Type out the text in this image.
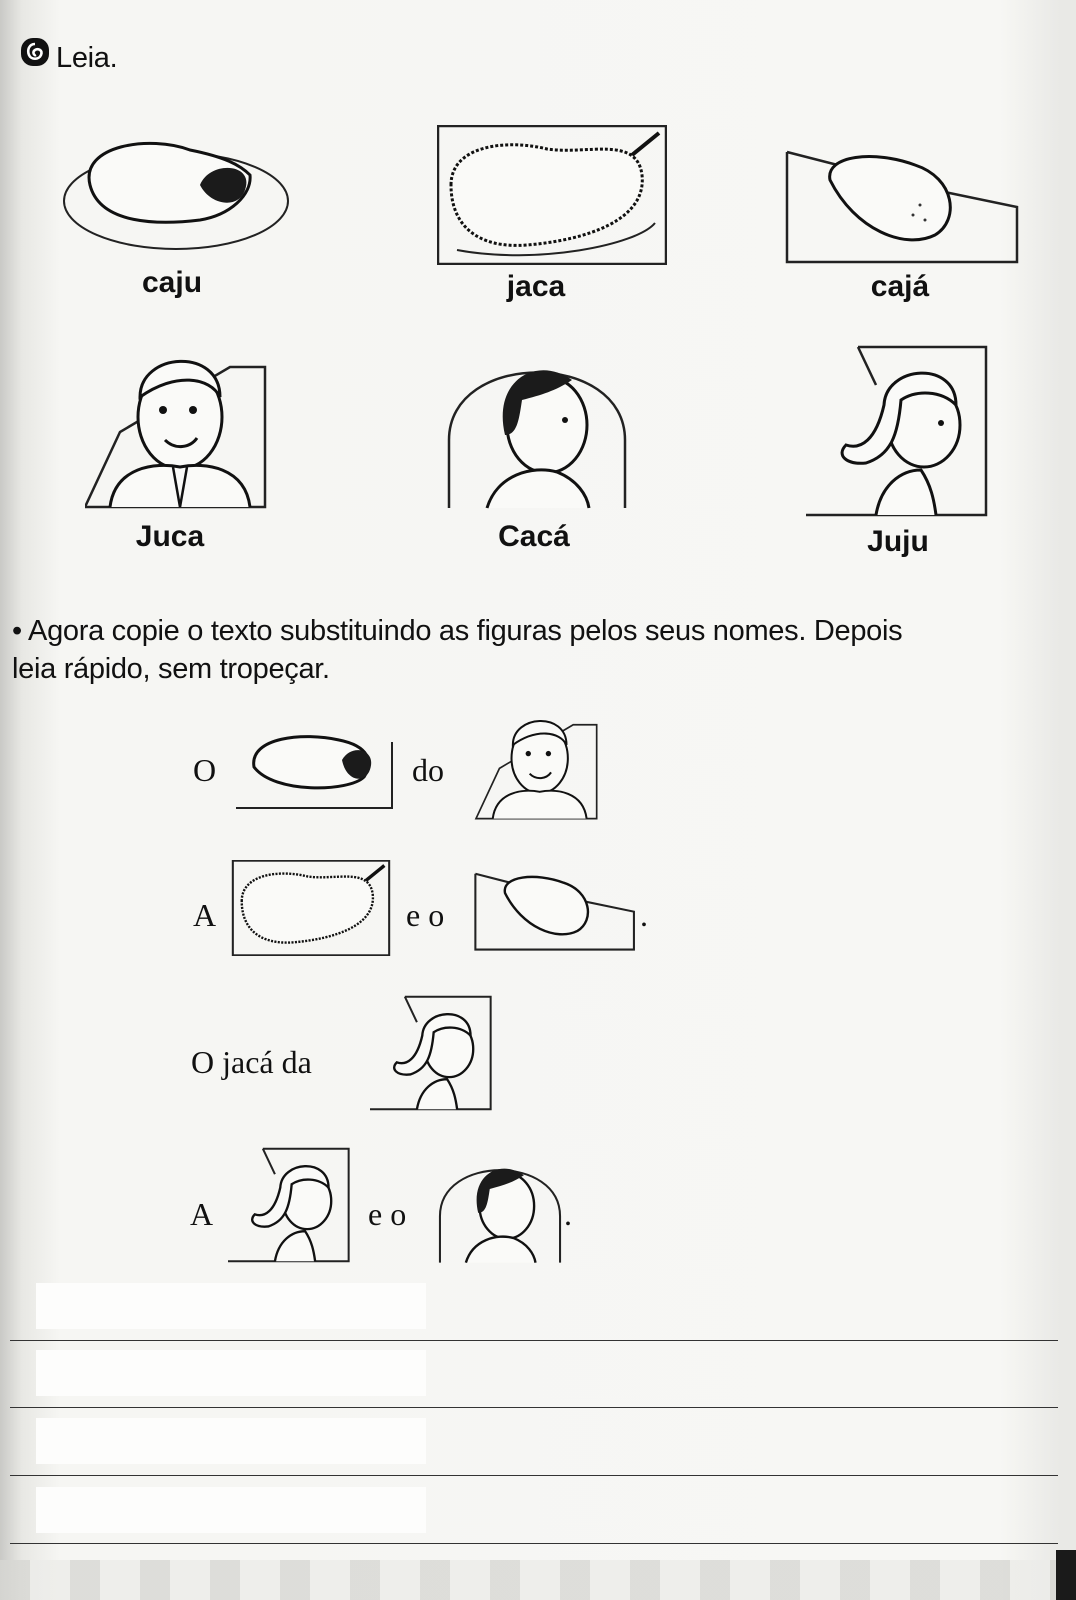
Leia.
caju	jaca	cajá
Juca	Cacá	Juju
• Agora copie o texto substituindo as figuras pelos seus nomes. Depois
leia rápido, sem tropeçar.
O	do
A	e o	.
O jacá da
A	e o	.
